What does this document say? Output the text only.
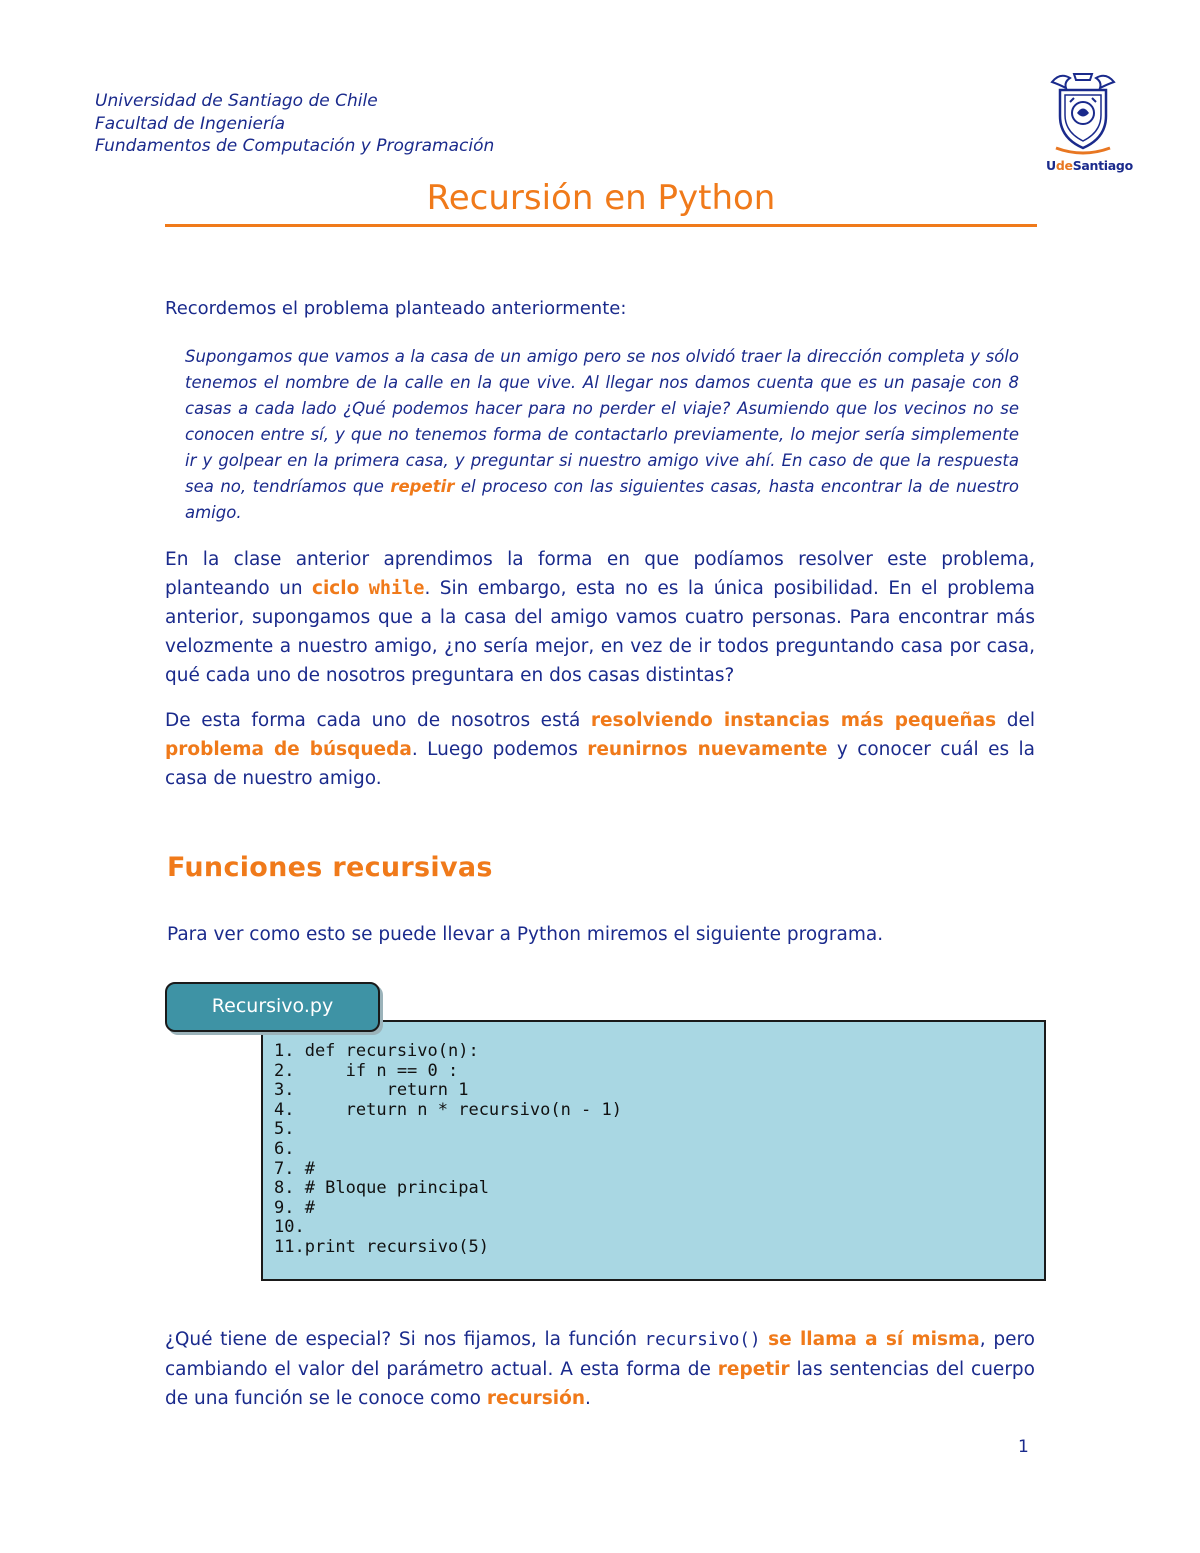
Universidad de Santiago de Chile
Facultad de Ingeniería
Fundamentos de Computación y Programación
UdeSantiago
Recursión en Python
Recordemos el problema planteado anteriormente:
Supongamos que vamos a la casa de un amigo pero se nos olvidó traer la dirección completa y sólo tenemos el nombre de la calle en la que vive. Al llegar nos damos cuenta que es un pasaje con 8 casas a cada lado ¿Qué podemos hacer para no perder el viaje? Asumiendo que los vecinos no se conocen entre sí, y que no tenemos forma de contactarlo previamente, lo mejor sería simplemente ir y golpear en la primera casa, y preguntar si nuestro amigo vive ahí. En caso de que la respuesta sea no, tendríamos que repetir el proceso con las siguientes casas, hasta encontrar la de nuestro amigo.
En la clase anterior aprendimos la forma en que podíamos resolver este problema, planteando un ciclo while. Sin embargo, esta no es la única posibilidad. En el problema anterior, supongamos que a la casa del amigo vamos cuatro personas. Para encontrar más velozmente a nuestro amigo, ¿no sería mejor, en vez de ir todos preguntando casa por casa, qué cada uno de nosotros preguntara en dos casas distintas?
De esta forma cada uno de nosotros está resolviendo instancias más pequeñas del problema de búsqueda. Luego podemos reunirnos nuevamente y conocer cuál es la casa de nuestro amigo.
Funciones recursivas
Para ver como esto se puede llevar a Python miremos el siguiente programa.
1. def recursivo(n):
2.     if n == 0 :
3.         return 1
4.     return n * recursivo(n - 1)
5.
6.
7. #
8. # Bloque principal
9. #
10.
11.print recursivo(5)
Recursivo.py
¿Qué tiene de especial? Si nos fijamos, la función recursivo() se llama a sí misma, pero cambiando el valor del parámetro actual. A esta forma de repetir las sentencias del cuerpo de una función se le conoce como recursión.
1
